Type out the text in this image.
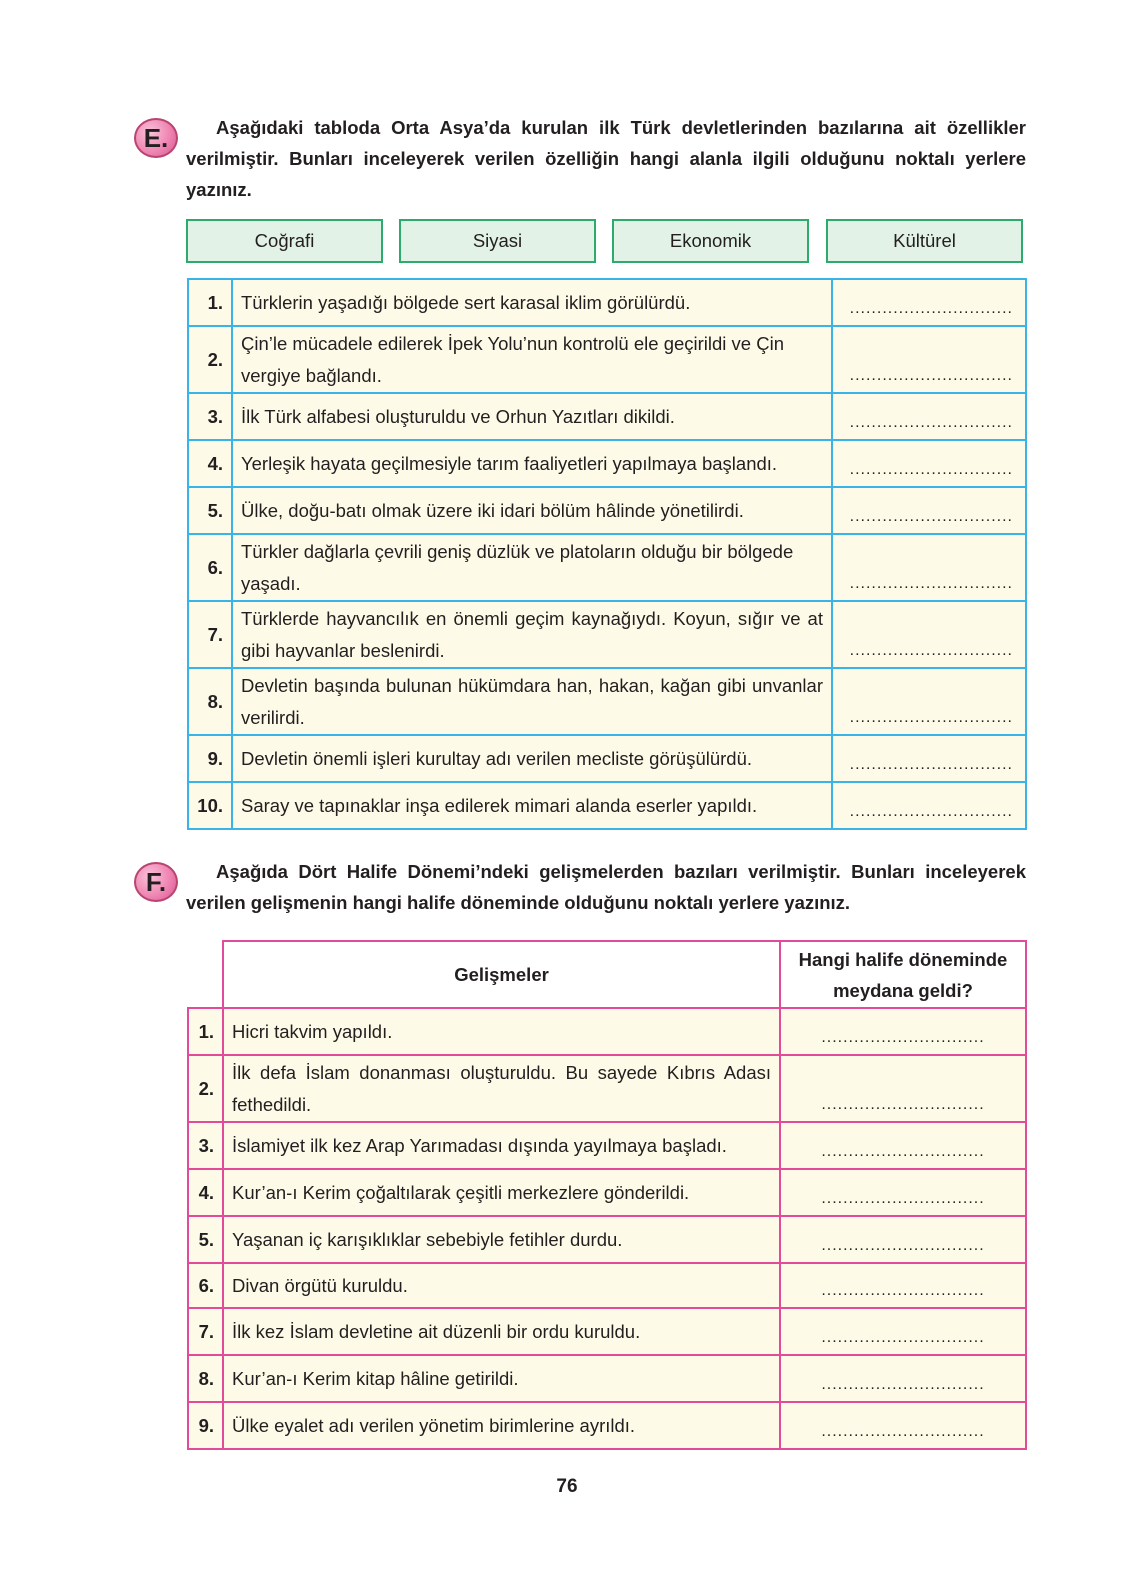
E.	Aşağıdaki tabloda Orta Asya’da kurulan ilk Türk devletlerinden bazılarına ait özellikler verilmiştir. Bunları inceleyerek verilen özelliğin hangi alanla ilgili olduğunu noktalı yerlere yazınız.

Coğrafi	Siyasi	Ekonomik	Kültürel
1.	Türklerin yaşadığı bölgede sert karasal iklim görülürdü.	..............................
2.	Çin’le mücadele edilerek İpek Yolu’nun kontrolü ele geçirildi ve Çin vergiye bağlandı.	..............................
3.	İlk Türk alfabesi oluşturuldu ve Orhun Yazıtları dikildi.	..............................
4.	Yerleşik hayata geçilmesiyle tarım faaliyetleri yapılmaya başlandı.	..............................
5.	Ülke, doğu-batı olmak üzere iki idari bölüm hâlinde yönetilirdi.	..............................
6.	Türkler dağlarla çevrili geniş düzlük ve platoların olduğu bir bölgede yaşadı.	..............................
7.	Türklerde hayvancılık en önemli geçim kaynağıydı. Koyun, sığır ve at gibi hayvanlar beslenirdi.	..............................
8.	Devletin başında bulunan hükümdara han, hakan, kağan gibi unvanlar verilirdi.	..............................
9.	Devletin önemli işleri kurultay adı verilen mecliste görüşülürdü.	..............................
10.	Saray ve tapınaklar inşa edilerek mimari alanda eserler yapıldı.	..............................
F.	Aşağıda Dört Halife Dönemi’ndeki gelişmelerden bazıları verilmiştir. Bunları inceleyerek verilen gelişmenin hangi halife döneminde olduğunu noktalı yerlere yazınız.

	Gelişmeler	Hangi halife döneminde meydana geldi?
1.	Hicri takvim yapıldı.	..............................
2.	İlk defa İslam donanması oluşturuldu. Bu sayede Kıbrıs Adası fethedildi.	..............................
3.	İslamiyet ilk kez Arap Yarımadası dışında yayılmaya başladı.	..............................
4.	Kur’an-ı Kerim çoğaltılarak çeşitli merkezlere gönderildi.	..............................
5.	Yaşanan iç karışıklıklar sebebiyle fetihler durdu.	..............................
6.	Divan örgütü kuruldu.	..............................
7.	İlk kez İslam devletine ait düzenli bir ordu kuruldu.	..............................
8.	Kur’an-ı Kerim kitap hâline getirildi.	..............................
9.	Ülke eyalet adı verilen yönetim birimlerine ayrıldı.	..............................
76
